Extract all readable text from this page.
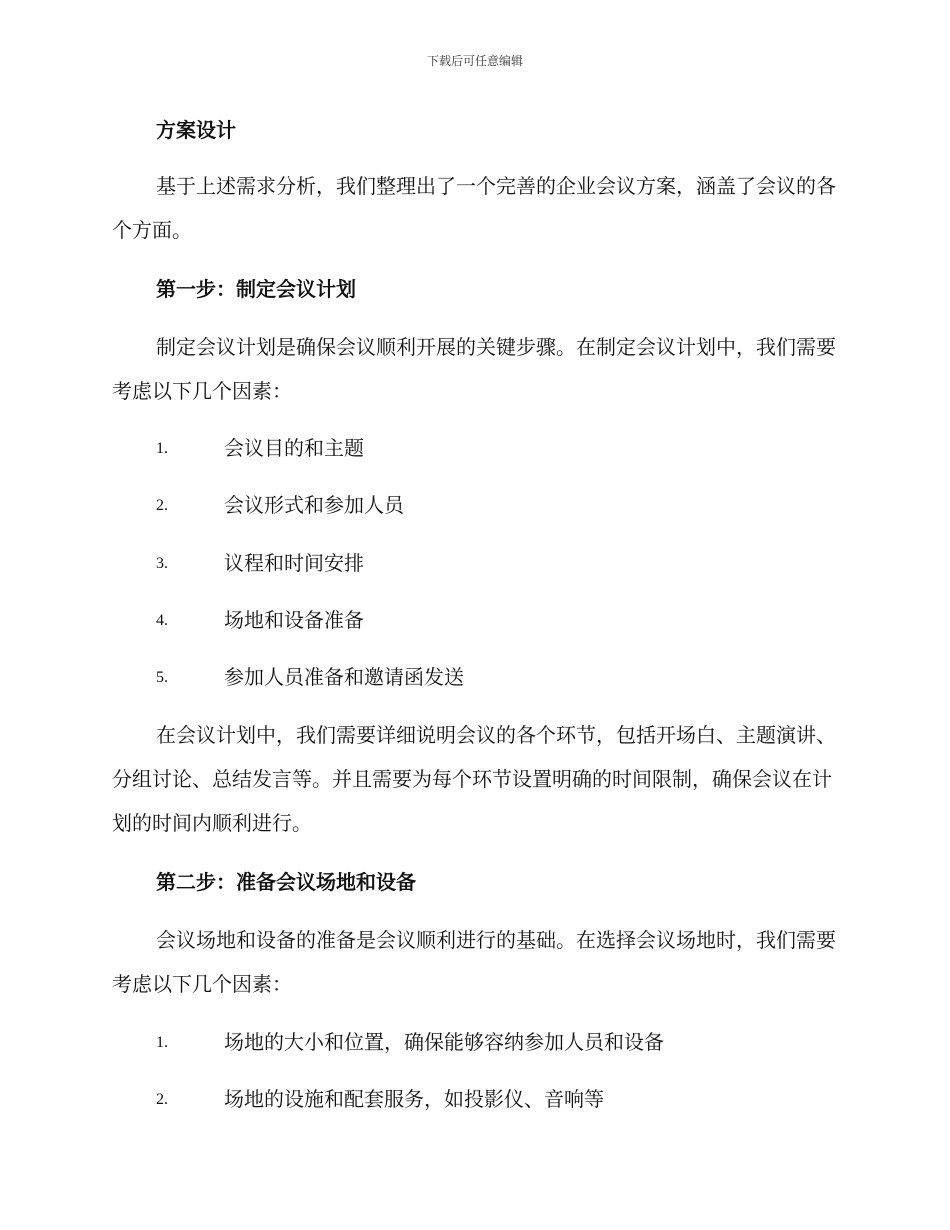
下载后可任意编辑
方案设计
基于上述需求分析，我们整理出了一个完善的企业会议方案，涵盖了会议的各个方面。
第一步：制定会议计划
制定会议计划是确保会议顺利开展的关键步骤。在制定会议计划中，我们需要考虑以下几个因素：
1.	会议目的和主题
2.	会议形式和参加人员
3.	议程和时间安排
4.	场地和设备准备
5.	参加人员准备和邀请函发送
在会议计划中，我们需要详细说明会议的各个环节，包括开场白、主题演讲、分组讨论、总结发言等。并且需要为每个环节设置明确的时间限制，确保会议在计划的时间内顺利进行。
第二步：准备会议场地和设备
会议场地和设备的准备是会议顺利进行的基础。在选择会议场地时，我们需要考虑以下几个因素：
1.	场地的大小和位置，确保能够容纳参加人员和设备
2.	场地的设施和配套服务，如投影仪、音响等
